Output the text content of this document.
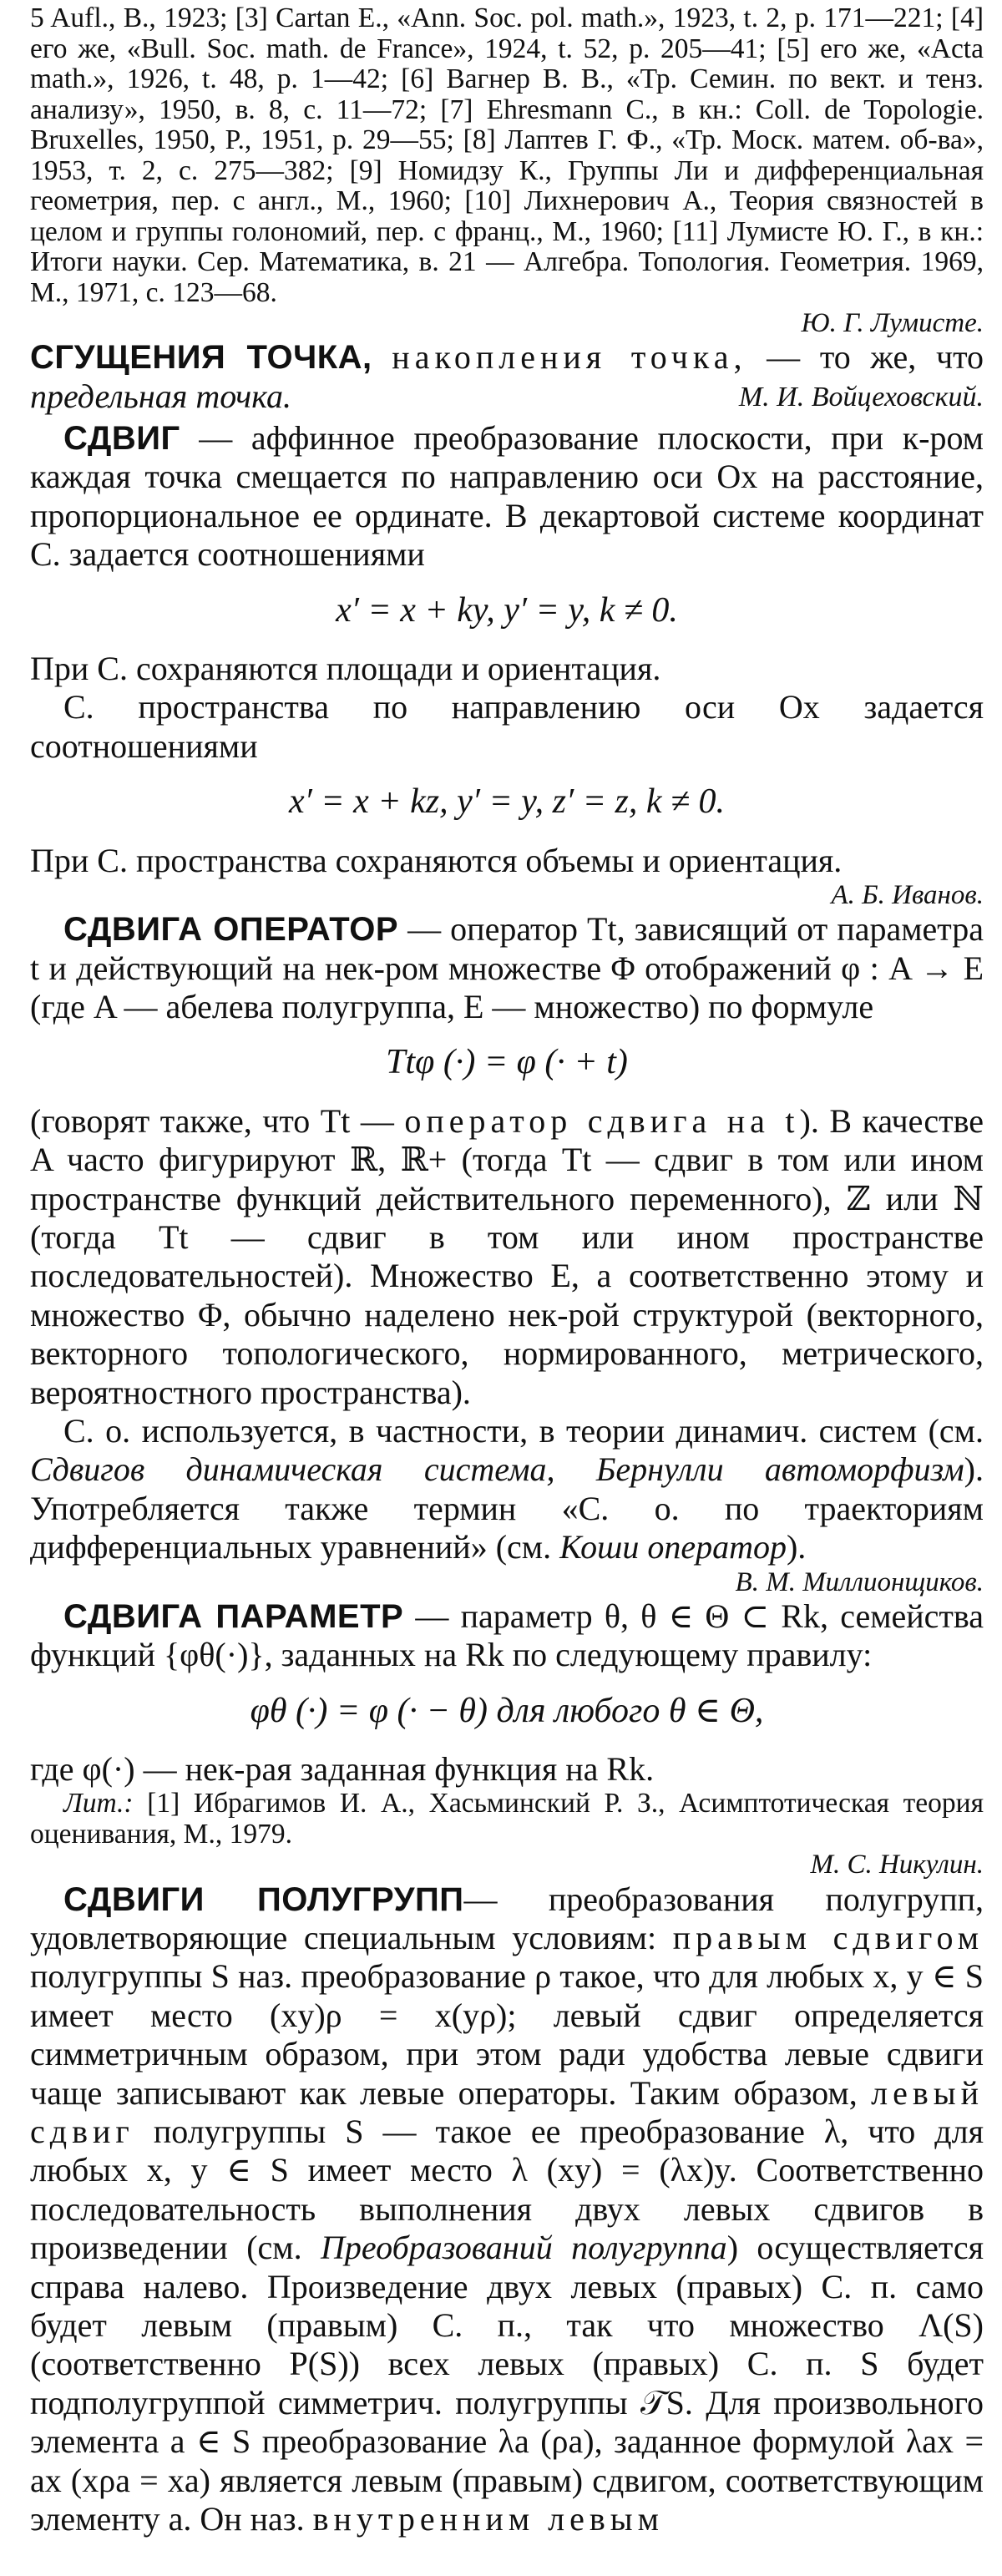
5 Aufl., B., 1923; [3] Cartan E., «Ann. Soc. pol. math.», 1923, t. 2, p. 171—221; [4] его же, «Bull. Soc. math. de France», 1924, t. 52, p. 205—41; [5] его же, «Acta math.», 1926, t. 48, p. 1—42; [6] Вагнер В. В., «Тр. Семин. по вект. и тенз. анализу», 1950, в. 8, с. 11—72; [7] Ehresmann C., в кн.: Coll. de Topologie. Bruxelles, 1950, P., 1951, p. 29—55; [8] Лаптев Г. Ф., «Тр. Моск. матем. об-ва», 1953, т. 2, с. 275—382; [9] Номидзу К., Группы Ли и дифференциальная геометрия, пер. с англ., М., 1960; [10] Лихнерович А., Теория связностей в целом и группы голономий, пер. с франц., М., 1960; [11] Лумисте Ю. Г., в кн.: Итоги науки. Сер. Математика, в. 21 — Алгебра. Топология. Геометрия. 1969, М., 1971, с. 123—68.

Ю. Г. Лумисте.

СГУЩЕНИЯ ТОЧКА, накопления точка, — то же, что предельная точка.	М. И. Войцеховский.

СДВИГ — аффинное преобразование плоскости, при к-ром каждая точка смещается по направлению оси Ox на расстояние, пропорциональное ее ординате. В декартовой системе координат С. задается соотношениями

x′ = x + ky, y′ = y, k ≠ 0.

При С. сохраняются площади и ориентация.

С. пространства по направлению оси Ox задается соотношениями

x′ = x + kz, y′ = y, z′ = z, k ≠ 0.

При С. пространства сохраняются объемы и ориентация.

А. Б. Иванов.

СДВИГА ОПЕРАТОР — оператор Tt, зависящий от параметра t и действующий на нек-ром множестве Φ отображений φ : A → E (где A — абелева полугруппа, E — множество) по формуле

Ttφ (·) = φ (· + t)

(говорят также, что Tt — оператор сдвига на t). В качестве A часто фигурируют ℝ, ℝ+ (тогда Tt — сдвиг в том или ином пространстве функций действительного переменного), ℤ или ℕ (тогда Tt — сдвиг в том или ином пространстве последовательностей). Множество E, а соответственно этому и множество Φ, обычно наделено нек-рой структурой (векторного, векторного топологического, нормированного, метрического, вероятностного пространства).

С. о. используется, в частности, в теории динамич. систем (см. Сдвигов динамическая система, Бернулли автоморфизм). Употребляется также термин «С. о. по траекториям дифференциальных уравнений» (см. Коши оператор).

В. М. Миллионщиков.

СДВИГА ПАРАМЕТР — параметр θ, θ ∈ Θ ⊂ Rk, семейства функций {φθ(·)}, заданных на Rk по следующему правилу:

φθ (·) = φ (· − θ) для любого θ ∈ Θ,

где φ(·) — нек-рая заданная функция на Rk.

Лит.: [1] Ибрагимов И. А., Хасьминский Р. З., Асимптотическая теория оценивания, М., 1979.

М. С. Никулин.

СДВИГИ ПОЛУГРУПП— преобразования полугрупп, удовлетворяющие специальным условиям: правым сдвигом полугруппы S наз. преобразование ρ такое, что для любых x, y ∈ S имеет место (xy)ρ = x(yρ); левый сдвиг определяется симметричным образом, при этом ради удобства левые сдвиги чаще записывают как левые операторы. Таким образом, левый сдвиг полугруппы S — такое ее преобразование λ, что для любых x, y ∈ S имеет место λ (xy) = (λx)y. Соответственно последовательность выполнения двух левых сдвигов в произведении (см. Преобразований полугруппа) осуществляется справа налево. Произведение двух левых (правых) С. п. само будет левым (правым) С. п., так что множество Λ(S) (соответственно P(S)) всех левых (правых) С. п. S будет подполугруппой симметрич. полугруппы 𝒯S. Для произвольного элемента a ∈ S преобразование λa (ρa), заданное формулой λax = ax (xρa = xa) является левым (правым) сдвигом, соответствующим элементу a. Он наз. внутренним левым
